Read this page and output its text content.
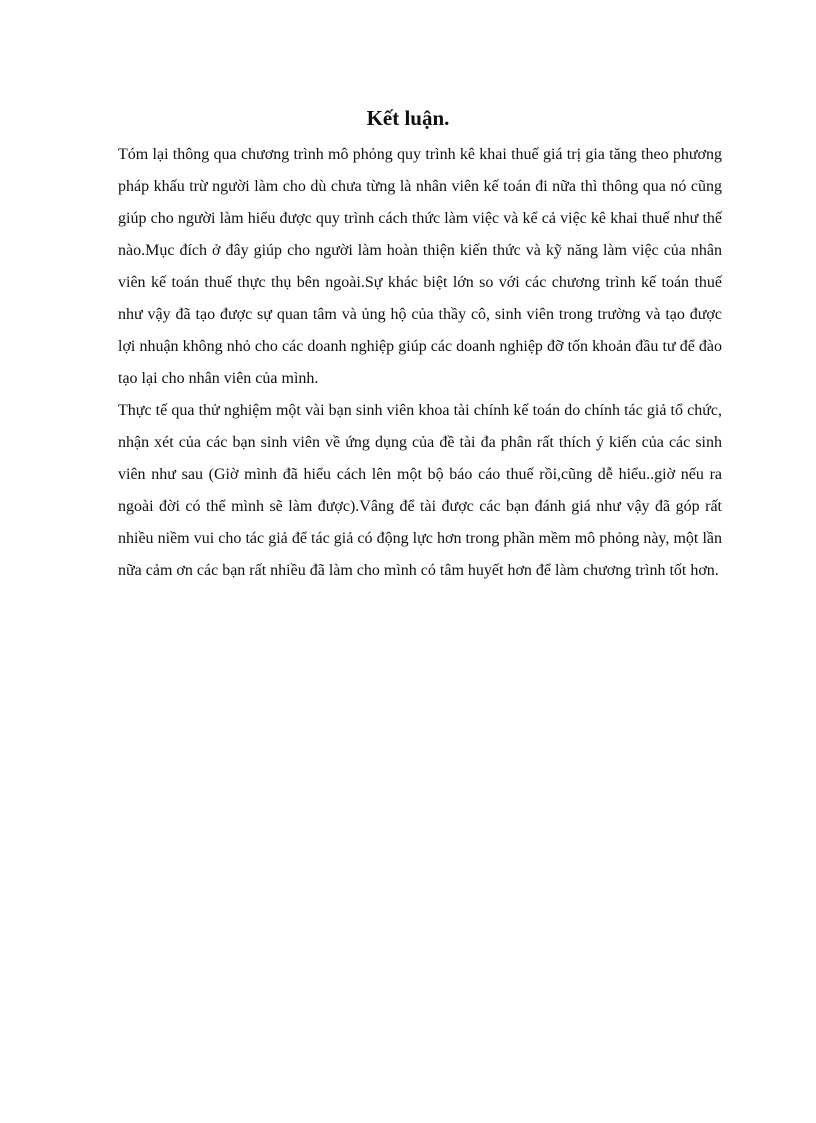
Kết luận.

Tóm lại thông qua chương trình mô phỏng quy trình kê khai thuế giá trị gia tăng theo phương pháp khấu trừ người làm cho dù chưa từng là nhân viên kế toán đi nữa thì thông qua nó cũng giúp cho người làm hiểu được quy trình cách thức làm việc và kể cả việc kê khai thuế như thế nào.Mục đích ở đây giúp cho người làm hoàn thiện kiến thức và kỹ năng làm việc của nhân viên kế toán thuế thực thụ bên ngoài.Sự khác biệt lớn so với các chương trình kế toán thuế như vậy đã tạo được sự quan tâm và ủng hộ của thầy cô, sinh viên trong trường và tạo được lợi nhuận không nhỏ cho các doanh nghiệp giúp các doanh nghiệp đỡ tốn khoản đầu tư để đào tạo lại cho nhân viên của mình.

Thực tế qua thử nghiệm một vài bạn sinh viên khoa tài chính kế toán do chính tác giả tổ chức, nhận xét của các bạn sinh viên về ứng dụng của đề tài đa phân rất thích ý kiến của các sinh viên như sau (Giờ mình đã hiểu cách lên một bộ báo cáo thuế rồi,cũng dễ hiểu..giờ nếu ra ngoài đời có thể mình sẽ làm được).Vâng để tài được các bạn đánh giá như vậy đã góp rất nhiều niềm vui cho tác giả để tác giả có động lực hơn trong phần mềm mô phỏng này, một lần nữa cảm ơn các bạn rất nhiều đã làm cho mình có tâm huyết hơn để làm chương trình tốt hơn.
